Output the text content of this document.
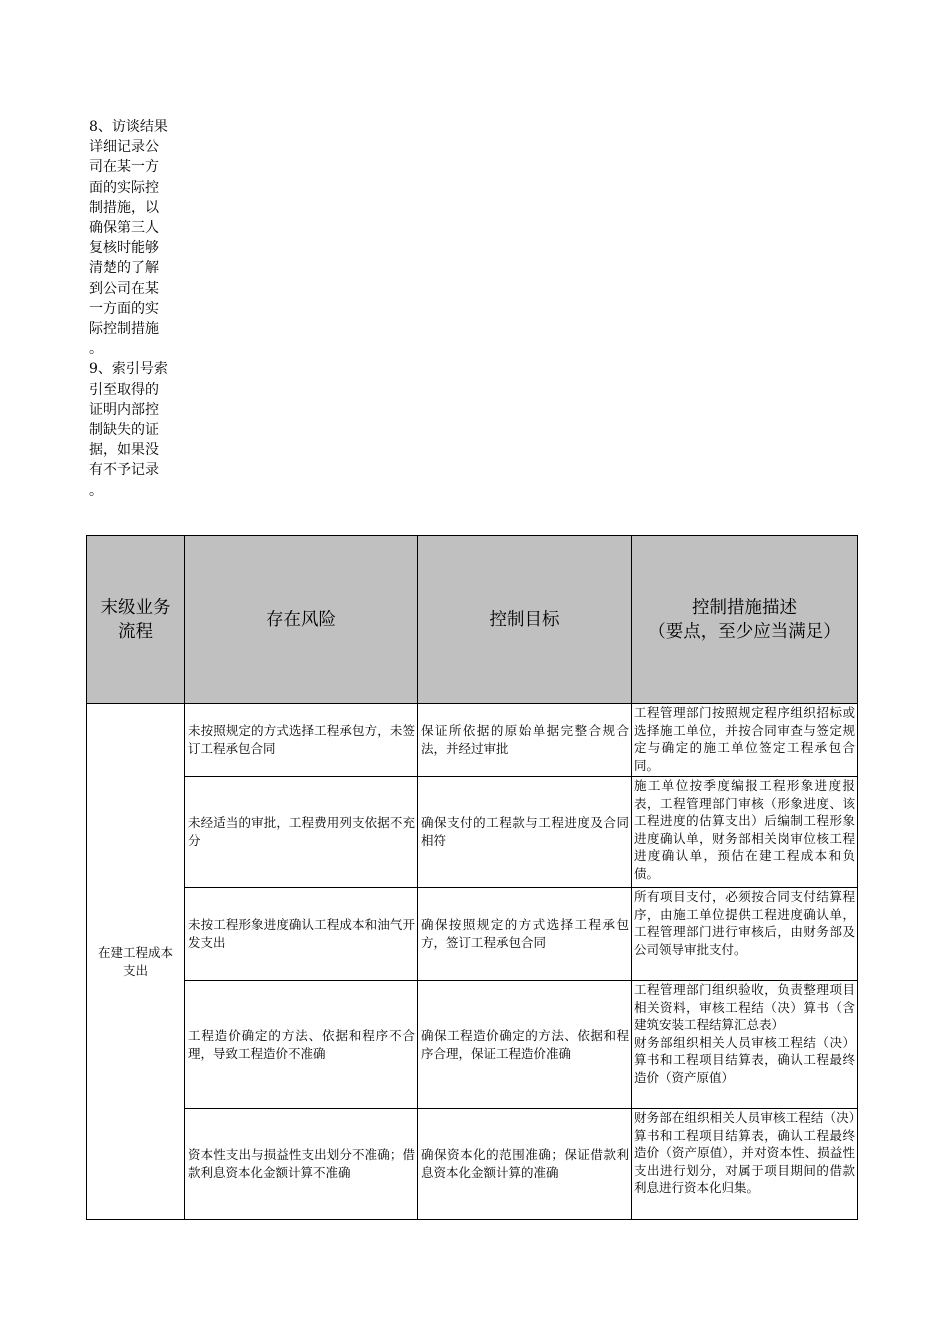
8、访谈结果
详细记录公
司在某一方
面的实际控
制措施，以
确保第三人
复核时能够
清楚的了解
到公司在某
一方面的实
际控制措施
。
9、索引号索
引至取得的
证明内部控
制缺失的证
据，如果没
有不予记录
。
末级业务
流程	存在风险	控制目标	控制措施描述
（要点，至少应当满足）

在建工程成本
支出	未按照规定的方式选择工程承包方，未签订工程承包合同	保证所依据的原始单据完整合规合法，并经过审批	工程管理部门按照规定程序组织招标或选择施工单位，并按合同审查与签定规定与确定的施工单位签定工程承包合同。
	未经适当的审批，工程费用列支依据不充分	确保支付的工程款与工程进度及合同相符	施工单位按季度编报工程形象进度报表，工程管理部门审核（形象进度、该工程进度的估算支出）后编制工程形象进度确认单，财务部相关岗审位核工程进度确认单，预估在建工程成本和负债。
	未按工程形象进度确认工程成本和油气开发支出	确保按照规定的方式选择工程承包方，签订工程承包合同	所有项目支付，必须按合同支付结算程序，由施工单位提供工程进度确认单，工程管理部门进行审核后，由财务部及公司领导审批支付。
	工程造价确定的方法、依据和程序不合理，导致工程造价不准确	确保工程造价确定的方法、依据和程序合理，保证工程造价准确	工程管理部门组织验收，负责整理项目相关资料，审核工程结（决）算书（含建筑安装工程结算汇总表）
财务部组织相关人员审核工程结（决）算书和工程项目结算表，确认工程最终造价（资产原值）
	资本性支出与损益性支出划分不准确；借款利息资本化金额计算不准确	确保资本化的范围准确；保证借款利息资本化金额计算的准确	财务部在组织相关人员审核工程结（决）算书和工程项目结算表，确认工程最终造价（资产原值），并对资本性、损益性支出进行划分，对属于项目期间的借款利息进行资本化归集。
